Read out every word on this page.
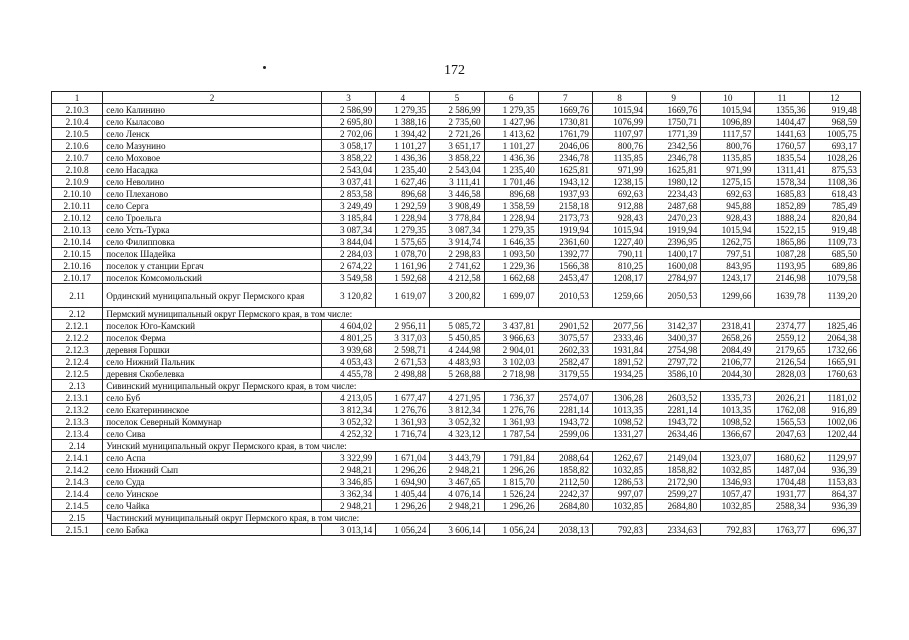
172
1	2	3	4	5	6	7	8	9	10	11	12
2.10.3	село Калинино	2 586,99	1 279,35	2 586,99	1 279,35	1669,76	1015,94	1669,76	1015,94	1355,36	919,48
2.10.4	село Кыласово	2 695,80	1 388,16	2 735,60	1 427,96	1730,81	1076,99	1750,71	1096,89	1404,47	968,59
2.10.5	село Ленск	2 702,06	1 394,42	2 721,26	1 413,62	1761,79	1107,97	1771,39	1117,57	1441,63	1005,75
2.10.6	село Мазунино	3 058,17	1 101,27	3 651,17	1 101,27	2046,06	800,76	2342,56	800,76	1760,57	693,17
2.10.7	село Моховое	3 858,22	1 436,36	3 858,22	1 436,36	2346,78	1135,85	2346,78	1135,85	1835,54	1028,26
2.10.8	село Насадка	2 543,04	1 235,40	2 543,04	1 235,40	1625,81	971,99	1625,81	971,99	1311,41	875,53
2.10.9	село Неволино	3 037,41	1 627,46	3 111,41	1 701,46	1943,12	1238,15	1980,12	1275,15	1578,34	1108,36
2.10.10	село Плехановo	2 853,58	896,68	3 446,58	896,68	1937,93	692,63	2234,43	692,63	1685,83	618,43
2.10.11	село Серга	3 249,49	1 292,59	3 908,49	1 358,59	2158,18	912,88	2487,68	945,88	1852,89	785,49
2.10.12	село Троельга	3 185,84	1 228,94	3 778,84	1 228,94	2173,73	928,43	2470,23	928,43	1888,24	820,84
2.10.13	село Усть-Турка	3 087,34	1 279,35	3 087,34	1 279,35	1919,94	1015,94	1919,94	1015,94	1522,15	919,48
2.10.14	село Филипповка	3 844,04	1 575,65	3 914,74	1 646,35	2361,60	1227,40	2396,95	1262,75	1865,86	1109,73
2.10.15	поселок Шадейка	2 284,03	1 078,70	2 298,83	1 093,50	1392,77	790,11	1400,17	797,51	1087,28	685,50
2.10.16	поселок у станции Ергач	2 674,22	1 161,96	2 741,62	1 229,36	1566,38	810,25	1600,08	843,95	1193,95	689,86
2.10.17	поселок Комсомольский	3 549,58	1 592,68	4 212,58	1 662,68	2453,47	1208,17	2784,97	1243,17	2146,98	1079,58
2.11	Ординский муниципальный округ Пермского края	3 120,82	1 619,07	3 200,82	1 699,07	2010,53	1259,66	2050,53	1299,66	1639,78	1139,20
2.12	Пермский муниципальный округ Пермского края, в том числе:										
2.12.1	поселок Юго-Камский	4 604,02	2 956,11	5 085,72	3 437,81	2901,52	2077,56	3142,37	2318,41	2374,77	1825,46
2.12.2	поселок Ферма	4 801,25	3 317,03	5 450,85	3 966,63	3075,57	2333,46	3400,37	2658,26	2559,12	2064,38
2.12.3	деревня Горшки	3 939,68	2 598,71	4 244,98	2 904,01	2602,33	1931,84	2754,98	2084,49	2179,65	1732,66
2.12.4	село Нижний Пальник	4 053,43	2 671,53	4 483,93	3 102,03	2582,47	1891,52	2797,72	2106,77	2126,54	1665,91
2.12.5	деревня Скобелевка	4 455,78	2 498,88	5 268,88	2 718,98	3179,55	1934,25	3586,10	2044,30	2828,03	1760,63
2.13	Сивинский муниципальный округ Пермского края, в том числе:										
2.13.1	село Буб	4 213,05	1 677,47	4 271,95	1 736,37	2574,07	1306,28	2603,52	1335,73	2026,21	1181,02
2.13.2	село Екатерининское	3 812,34	1 276,76	3 812,34	1 276,76	2281,14	1013,35	2281,14	1013,35	1762,08	916,89
2.13.3	поселок Северный Коммунар	3 052,32	1 361,93	3 052,32	1 361,93	1943,72	1098,52	1943,72	1098,52	1565,53	1002,06
2.13.4	село Сива	4 252,32	1 716,74	4 323,12	1 787,54	2599,06	1331,27	2634,46	1366,67	2047,63	1202,44
2.14	Уинский муниципальный округ Пермского края, в том числе:										
2.14.1	село Аспа	3 322,99	1 671,04	3 443,79	1 791,84	2088,64	1262,67	2149,04	1323,07	1680,62	1129,97
2.14.2	село Нижний Сып	2 948,21	1 296,26	2 948,21	1 296,26	1858,82	1032,85	1858,82	1032,85	1487,04	936,39
2.14.3	село Суда	3 346,85	1 694,90	3 467,65	1 815,70	2112,50	1286,53	2172,90	1346,93	1704,48	1153,83
2.14.4	село Уинское	3 362,34	1 405,44	4 076,14	1 526,24	2242,37	997,07	2599,27	1057,47	1931,77	864,37
2.14.5	село Чайка	2 948,21	1 296,26	2 948,21	1 296,26	2684,80	1032,85	2684,80	1032,85	2588,34	936,39
2.15	Частинский муниципальный округ Пермского края, в том числе:										
2.15.1	село Бабка	3 013,14	1 056,24	3 606,14	1 056,24	2038,13	792,83	2334,63	792,83	1763,77	696,37
